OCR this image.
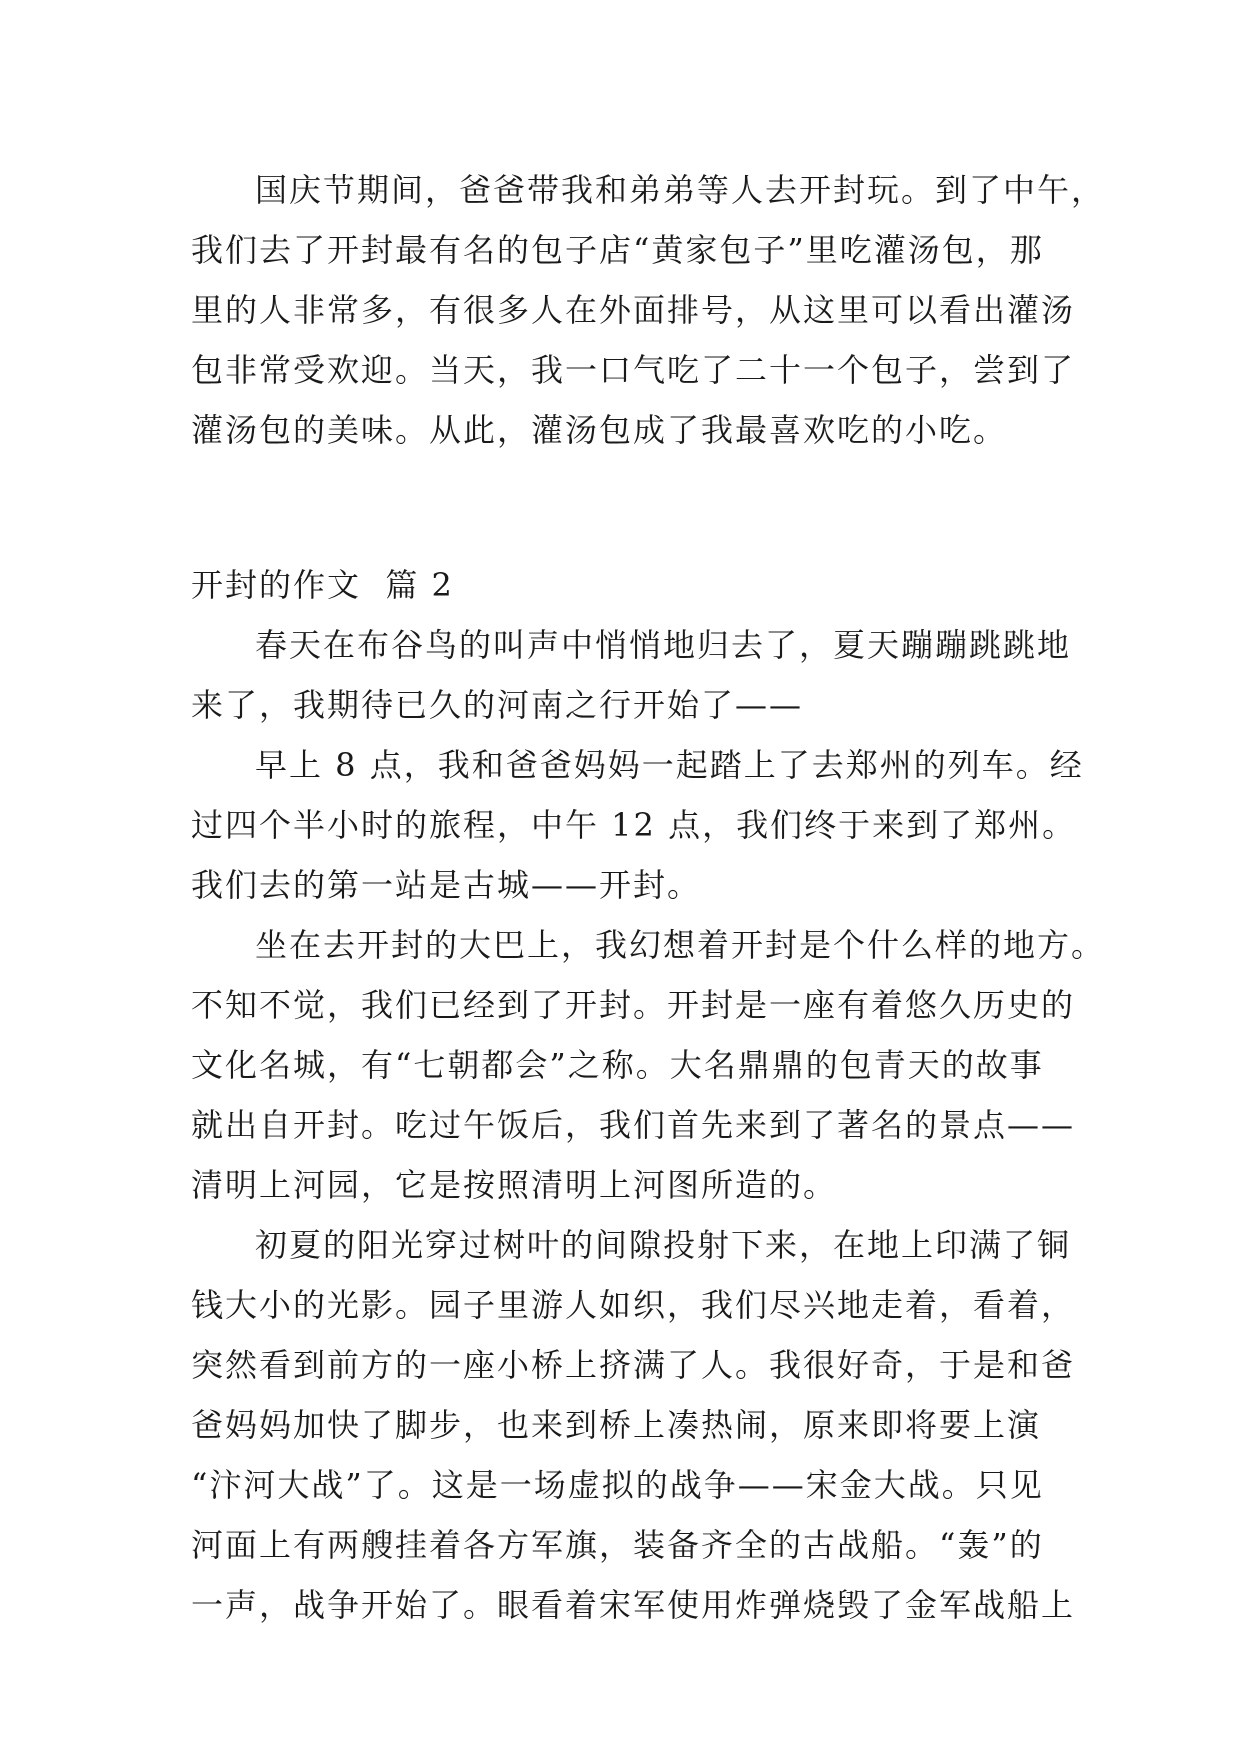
国庆节期间，爸爸带我和弟弟等人去开封玩。到了中午，
我们去了开封最有名的包子店“黄家包子”里吃灌汤包，那
里的人非常多，有很多人在外面排号，从这里可以看出灌汤
包非常受欢迎。当天，我一口气吃了二十一个包子，尝到了
灌汤包的美味。从此，灌汤包成了我最喜欢吃的小吃。
开封的作文  篇 2
春天在布谷鸟的叫声中悄悄地归去了，夏天蹦蹦跳跳地
来了，我期待已久的河南之行开始了——
早上 8 点，我和爸爸妈妈一起踏上了去郑州的列车。经
过四个半小时的旅程，中午 12 点，我们终于来到了郑州。
我们去的第一站是古城——开封。
坐在去开封的大巴上，我幻想着开封是个什么样的地方。
不知不觉，我们已经到了开封。开封是一座有着悠久历史的
文化名城，有“七朝都会”之称。大名鼎鼎的包青天的故事
就出自开封。吃过午饭后，我们首先来到了著名的景点——
清明上河园，它是按照清明上河图所造的。
初夏的阳光穿过树叶的间隙投射下来，在地上印满了铜
钱大小的光影。园子里游人如织，我们尽兴地走着，看着，
突然看到前方的一座小桥上挤满了人。我很好奇，于是和爸
爸妈妈加快了脚步，也来到桥上凑热闹，原来即将要上演
“汴河大战”了。这是一场虚拟的战争——宋金大战。只见
河面上有两艘挂着各方军旗，装备齐全的古战船。“轰”的
一声，战争开始了。眼看着宋军使用炸弹烧毁了金军战船上
